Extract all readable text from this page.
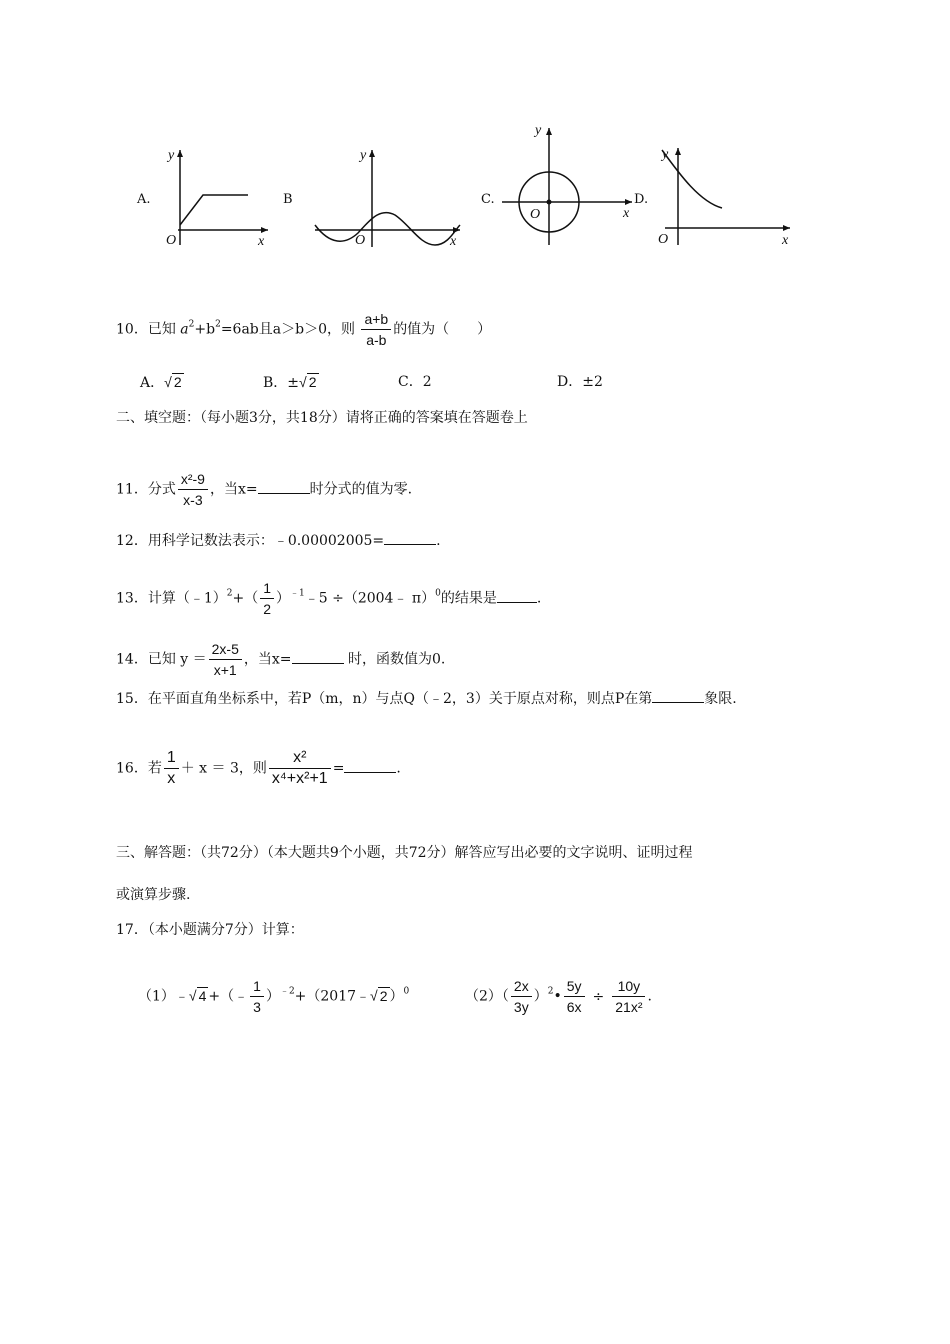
A.
O	x
y
B
O	x
y
C.
O	x
y
D.
O	x
y
10．已知 $a^2+b^2=6ab$且a＞b＞0，则 $\frac{a+b}{a-b}$ 的值为（　　）
A．√ 2	B．±√ 2	C．2	D．±2
二、填空题：（每小题3分，共18分）请将正确的答案填在答题卷上
11．分式 $\frac{\text{x²-9}}{x-3}$ ，当x=	时分式的值为零.
12．用科学记数法表示：﹣0.00002005=	.
13．计算（﹣1）$^2$+（ $\frac{1}{2}$ ）$^{﹣1}$﹣5 ÷（2004﹣ π）$^0$的结果是	.
14．已知 $y = \frac{2x-5}{x+1}$ ，当x=	时，函数值为0.
15．在平面直角坐标系中，若P（m，n）与点Q（﹣2，3）关于原点对称，则点P在第	象限.
16．若 $\frac{1}{x} + x = 3$，则 $\frac{\text{x²}}{\text{x⁴+x²+1}}$ =	.
三、解答题：（共72分）（本大题共9个小题，共72分）解答应写出必要的文字说明、证明过程
或演算步骤.
17．（本小题满分7分）计算：
（1）﹣√ 4 +（﹣ $\frac{1}{3}$ ）$^{﹣2}$+（2017﹣√ 2 ）$^0$	$(2)( \frac{2x}{3y}$ ）$^2• \frac{5y}{6x} \div \frac{10y}{\text{21x²}}$ .
